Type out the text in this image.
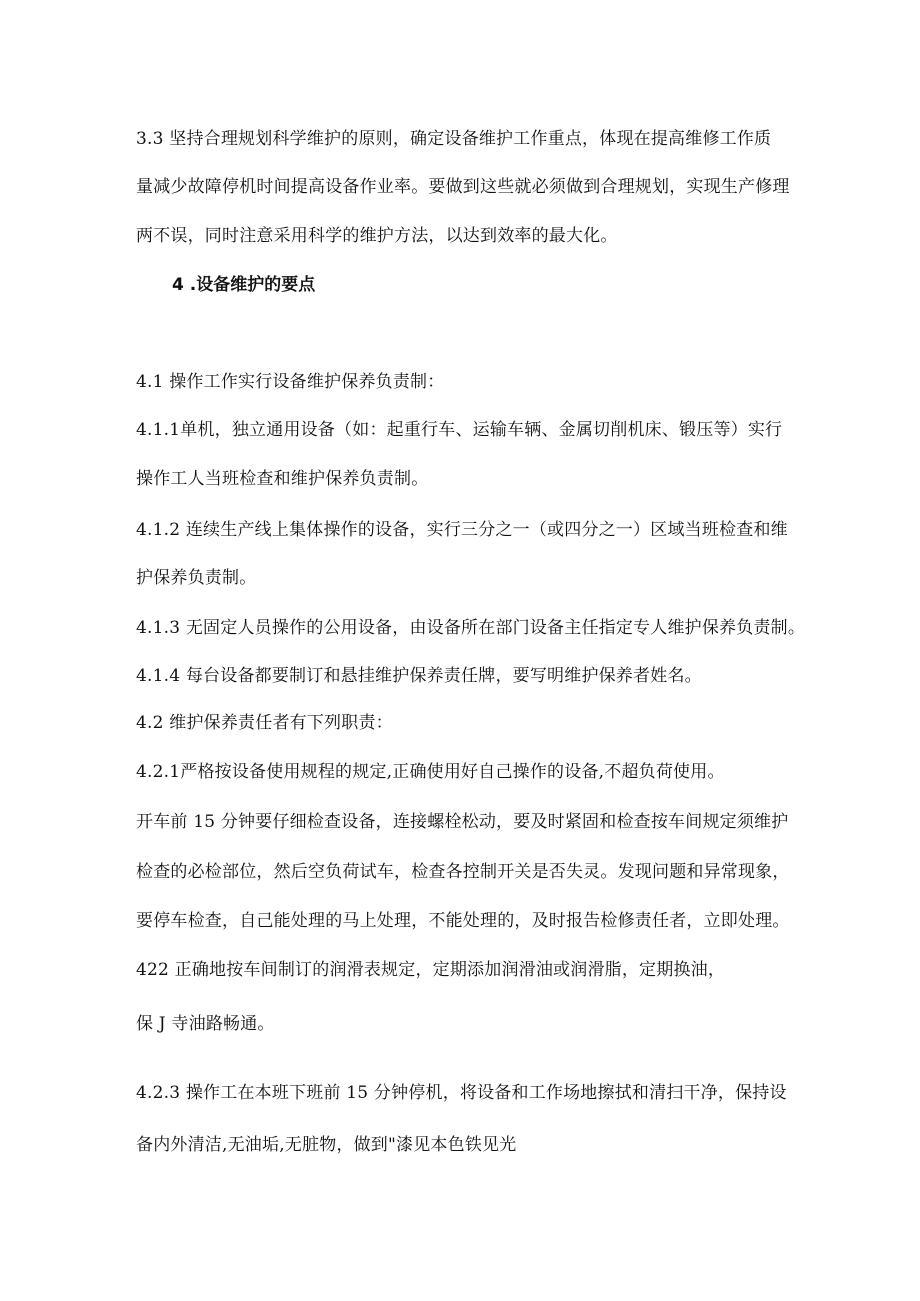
3.3 坚持合理规划科学维护的原则，确定设备维护工作重点，体现在提高维修工作质
量减少故障停机时间提高设备作业率。要做到这些就必须做到合理规划，实现生产修理
两不误，同时注意采用科学的维护方法，以达到效率的最大化。
4 .设备维护的要点
4.1 操作工作实行设备维护保养负责制：
4.1.1单机，独立通用设备（如：起重行车、运输车辆、金属切削机床、锻压等）实行
操作工人当班检查和维护保养负责制。
4.1.2 连续生产线上集体操作的设备，实行三分之一（或四分之一）区域当班检查和维
护保养负责制。
4.1.3 无固定人员操作的公用设备，由设备所在部门设备主任指定专人维护保养负责制。
4.1.4 每台设备都要制订和悬挂维护保养责任牌，要写明维护保养者姓名。
4.2 维护保养责任者有下列职责：
4.2.1严格按设备使用规程的规定,正确使用好自己操作的设备,不超负荷使用。
开车前 15 分钟要仔细检查设备，连接螺栓松动，要及时紧固和检查按车间规定须维护
检查的必检部位，然后空负荷试车，检查各控制开关是否失灵。发现问题和异常现象，
要停车检查，自己能处理的马上处理，不能处理的，及时报告检修责任者，立即处理。
422 正确地按车间制订的润滑表规定，定期添加润滑油或润滑脂，定期换油，
保 J 寺油路畅通。
4.2.3 操作工在本班下班前 15 分钟停机，将设备和工作场地擦拭和清扫干净，保持设
备内外清洁,无油垢,无脏物，做到"漆见本色铁见光
